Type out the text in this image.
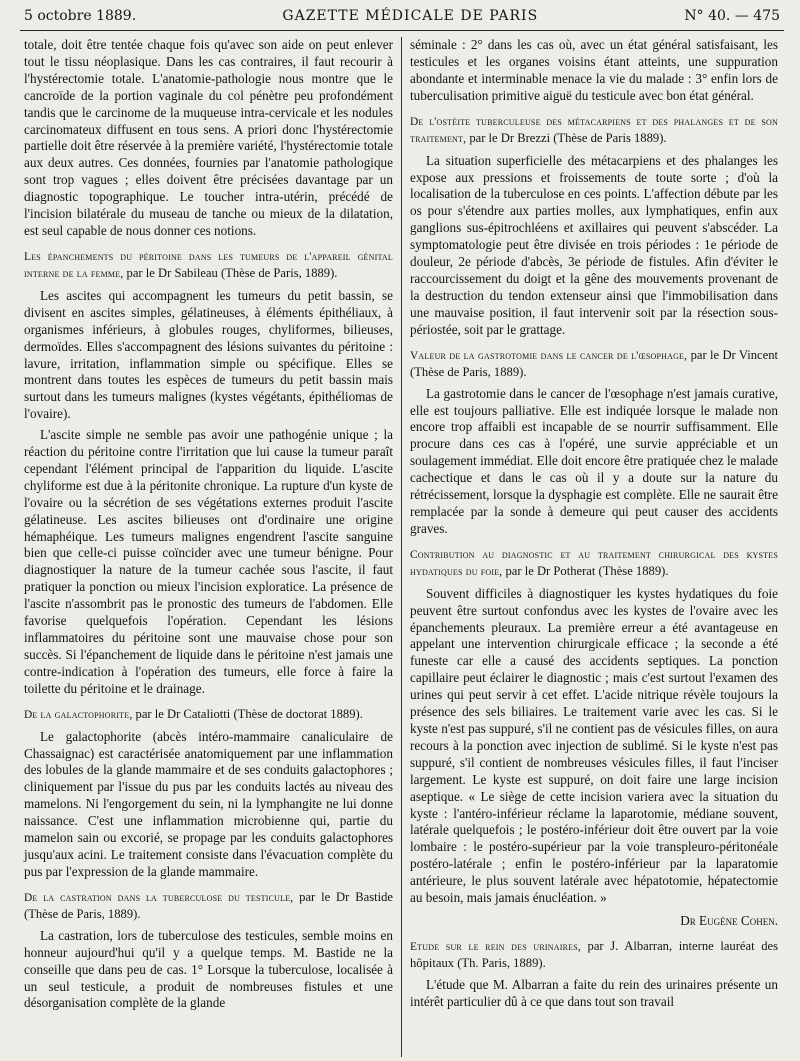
5 octobre 1889.	GAZETTE MÉDICALE DE PARIS	N° 40. — 475

totale, doit être tentée chaque fois qu'avec son aide on peut enlever tout le tissu néoplasique. Dans les cas contraires, il faut recourir à l'hystérectomie totale. L'anatomie-pathologie nous montre que le cancroïde de la portion vaginale du col pénètre peu profondément tandis que le carcinome de la muqueuse intra-cervicale et les nodules carcinomateux diffusent en tous sens. A priori donc l'hystérectomie partielle doit être réservée à la première variété, l'hystérectomie totale aux deux autres. Ces données, fournies par l'anatomie pathologique sont trop vagues ; elles doivent être précisées davantage par un diagnostic topographique. Le toucher intra-utérin, précédé de l'incision bilatérale du museau de tanche ou mieux de la dilatation, est seul capable de nous donner ces notions.

Les épanchements du péritoine dans les tumeurs de l'appareil génital interne de la femme, par le Dr Sabileau (Thèse de Paris, 1889).

Les ascites qui accompagnent les tumeurs du petit bassin, se divisent en ascites simples, gélatineuses, à éléments épithéliaux, à organismes inférieurs, à globules rouges, chyliformes, bilieuses, dermoïdes. Elles s'accompagnent des lésions suivantes du péritoine : lavure, irritation, inflammation simple ou spécifique. Elles se montrent dans toutes les espèces de tumeurs du petit bassin mais surtout dans les tumeurs malignes (kystes végétants, épithéliomas de l'ovaire).

L'ascite simple ne semble pas avoir une pathogénie unique ; la réaction du péritoine contre l'irritation que lui cause la tumeur paraît cependant l'élément principal de l'apparition du liquide. L'ascite chyliforme est due à la péritonite chronique. La rupture d'un kyste de l'ovaire ou la sécrétion de ses végétations externes produit l'ascite gélatineuse. Les ascites bilieuses ont d'ordinaire une origine hémaphéique. Les tumeurs malignes engendrent l'ascite sanguine bien que celle-ci puisse coïncider avec une tumeur bénigne. Pour diagnostiquer la nature de la tumeur cachée sous l'ascite, il faut pratiquer la ponction ou mieux l'incision exploratice. La présence de l'ascite n'assombrit pas le pronostic des tumeurs de l'abdomen. Elle favorise quelquefois l'opération. Cependant les lésions inflammatoires du péritoine sont une mauvaise chose pour son succès. Si l'épanchement de liquide dans le péritoine n'est jamais une contre-indication à l'opération des tumeurs, elle force à faire la toilette du péritoine et le drainage.

De la galactophorite, par le Dr Cataliotti (Thèse de doctorat 1889).

Le galactophorite (abcès intéro-mammaire canaliculaire de Chassaignac) est caractérisée anatomiquement par une inflammation des lobules de la glande mammaire et de ses conduits galactophores ; cliniquement par l'issue du pus par les conduits lactés au niveau des mamelons. Ni l'engorgement du sein, ni la lymphangite ne lui donne naissance. C'est une inflammation microbienne qui, partie du mamelon sain ou excorié, se propage par les conduits galactophores jusqu'aux acini. Le traitement consiste dans l'évacuation complète du pus par l'expression de la glande mammaire.

De la castration dans la tuberculose du testicule, par le Dr Bastide (Thèse de Paris, 1889).

La castration, lors de tuberculose des testicules, semble moins en honneur aujourd'hui qu'il y a quelque temps. M. Bastide ne la conseille que dans peu de cas. 1° Lorsque la tuberculose, localisée à un seul testicule, a produit de nombreuses fistules et une désorganisation complète de la glande

séminale : 2° dans les cas où, avec un état général satisfaisant, les testicules et les organes voisins étant atteints, une suppuration abondante et interminable menace la vie du malade : 3° enfin lors de tuberculisation primitive aiguë du testicule avec bon état général.

De l'ostéite tuberculeuse des métacarpiens et des phalanges et de son traitement, par le Dr Brezzi (Thèse de Paris 1889).

La situation superficielle des métacarpiens et des phalanges les expose aux pressions et froissements de toute sorte ; d'où la localisation de la tuberculose en ces points. L'affection débute par les os pour s'étendre aux parties molles, aux lymphatiques, enfin aux ganglions sus-épitrochléens et axillaires qui peuvent s'abscéder. La symptomatologie peut être divisée en trois périodes : 1e période de douleur, 2e période d'abcès, 3e période de fistules. Afin d'éviter le raccourcissement du doigt et la gêne des mouvements provenant de la destruction du tendon extenseur ainsi que l'immobilisation dans une mauvaise position, il faut intervenir soit par la résection sous-périostée, soit par le grattage.

Valeur de la gastrotomie dans le cancer de l'œsophage, par le Dr Vincent (Thèse de Paris, 1889).

La gastrotomie dans le cancer de l'œsophage n'est jamais curative, elle est toujours palliative. Elle est indiquée lorsque le malade non encore trop affaibli est incapable de se nourrir suffisamment. Elle procure dans ces cas à l'opéré, une survie appréciable et un soulagement immédiat. Elle doit encore être pratiquée chez le malade cachectique et dans le cas où il y a doute sur la nature du rétrécissement, lorsque la dysphagie est complète. Elle ne saurait être remplacée par la sonde à demeure qui peut causer des accidents graves.

Contribution au diagnostic et au traitement chirurgical des kystes hydatiques du foie, par le Dr Potherat (Thèse 1889).

Souvent difficiles à diagnostiquer les kystes hydatiques du foie peuvent être surtout confondus avec les kystes de l'ovaire avec les épanchements pleuraux. La première erreur a été avantageuse en appelant une intervention chirurgicale efficace ; la seconde a été funeste car elle a causé des accidents septiques. La ponction capillaire peut éclairer le diagnostic ; mais c'est surtout l'examen des urines qui peut servir à cet effet. L'acide nitrique révèle toujours la présence des sels biliaires. Le traitement varie avec les cas. Si le kyste n'est pas suppuré, s'il ne contient pas de vésicules filles, on aura recours à la ponction avec injection de sublimé. Si le kyste n'est pas suppuré, s'il contient de nombreuses vésicules filles, il faut l'inciser largement. Le kyste est suppuré, on doit faire une large incision aseptique. « Le siège de cette incision variera avec la situation du kyste : l'antéro-inférieur réclame la laparotomie, médiane souvent, latérale quelquefois ; le postéro-inférieur doit être ouvert par la voie lombaire : le postéro-supérieur par la voie transpleuro-péritonéale postéro-latérale ; enfin le postéro-inférieur par la laparatomie antérieure, le plus souvent latérale avec hépatotomie, hépatectomie au besoin, mais jamais énucléation. »

Dr Eugène Cohen.

Etude sur le rein des urinaires, par J. Albarran, interne lauréat des hôpitaux (Th. Paris, 1889).

L'étude que M. Albarran a faite du rein des urinaires présente un intérêt particulier dû à ce que dans tout son travail
